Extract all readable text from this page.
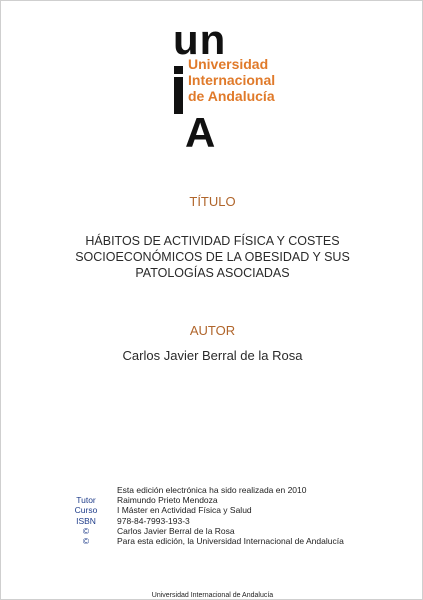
un
Universidad
Internacional
de Andalucía
A
TÍTULO
HÁBITOS DE ACTIVIDAD FÍSICA Y COSTES
SOCIOECONÓMICOS DE LA OBESIDAD Y SUS
PATOLOGÍAS ASOCIADAS
AUTOR
Carlos Javier Berral de la Rosa
Esta edición electrónica ha sido realizada en 2010
Tutor	Raimundo Prieto Mendoza
Curso	I Máster en Actividad Física y Salud
ISBN	978-84-7993-193-3
©	Carlos Javier Berral de la Rosa
©	Para esta edición, la Universidad Internacional de Andalucía
Universidad Internacional de Andalucía
